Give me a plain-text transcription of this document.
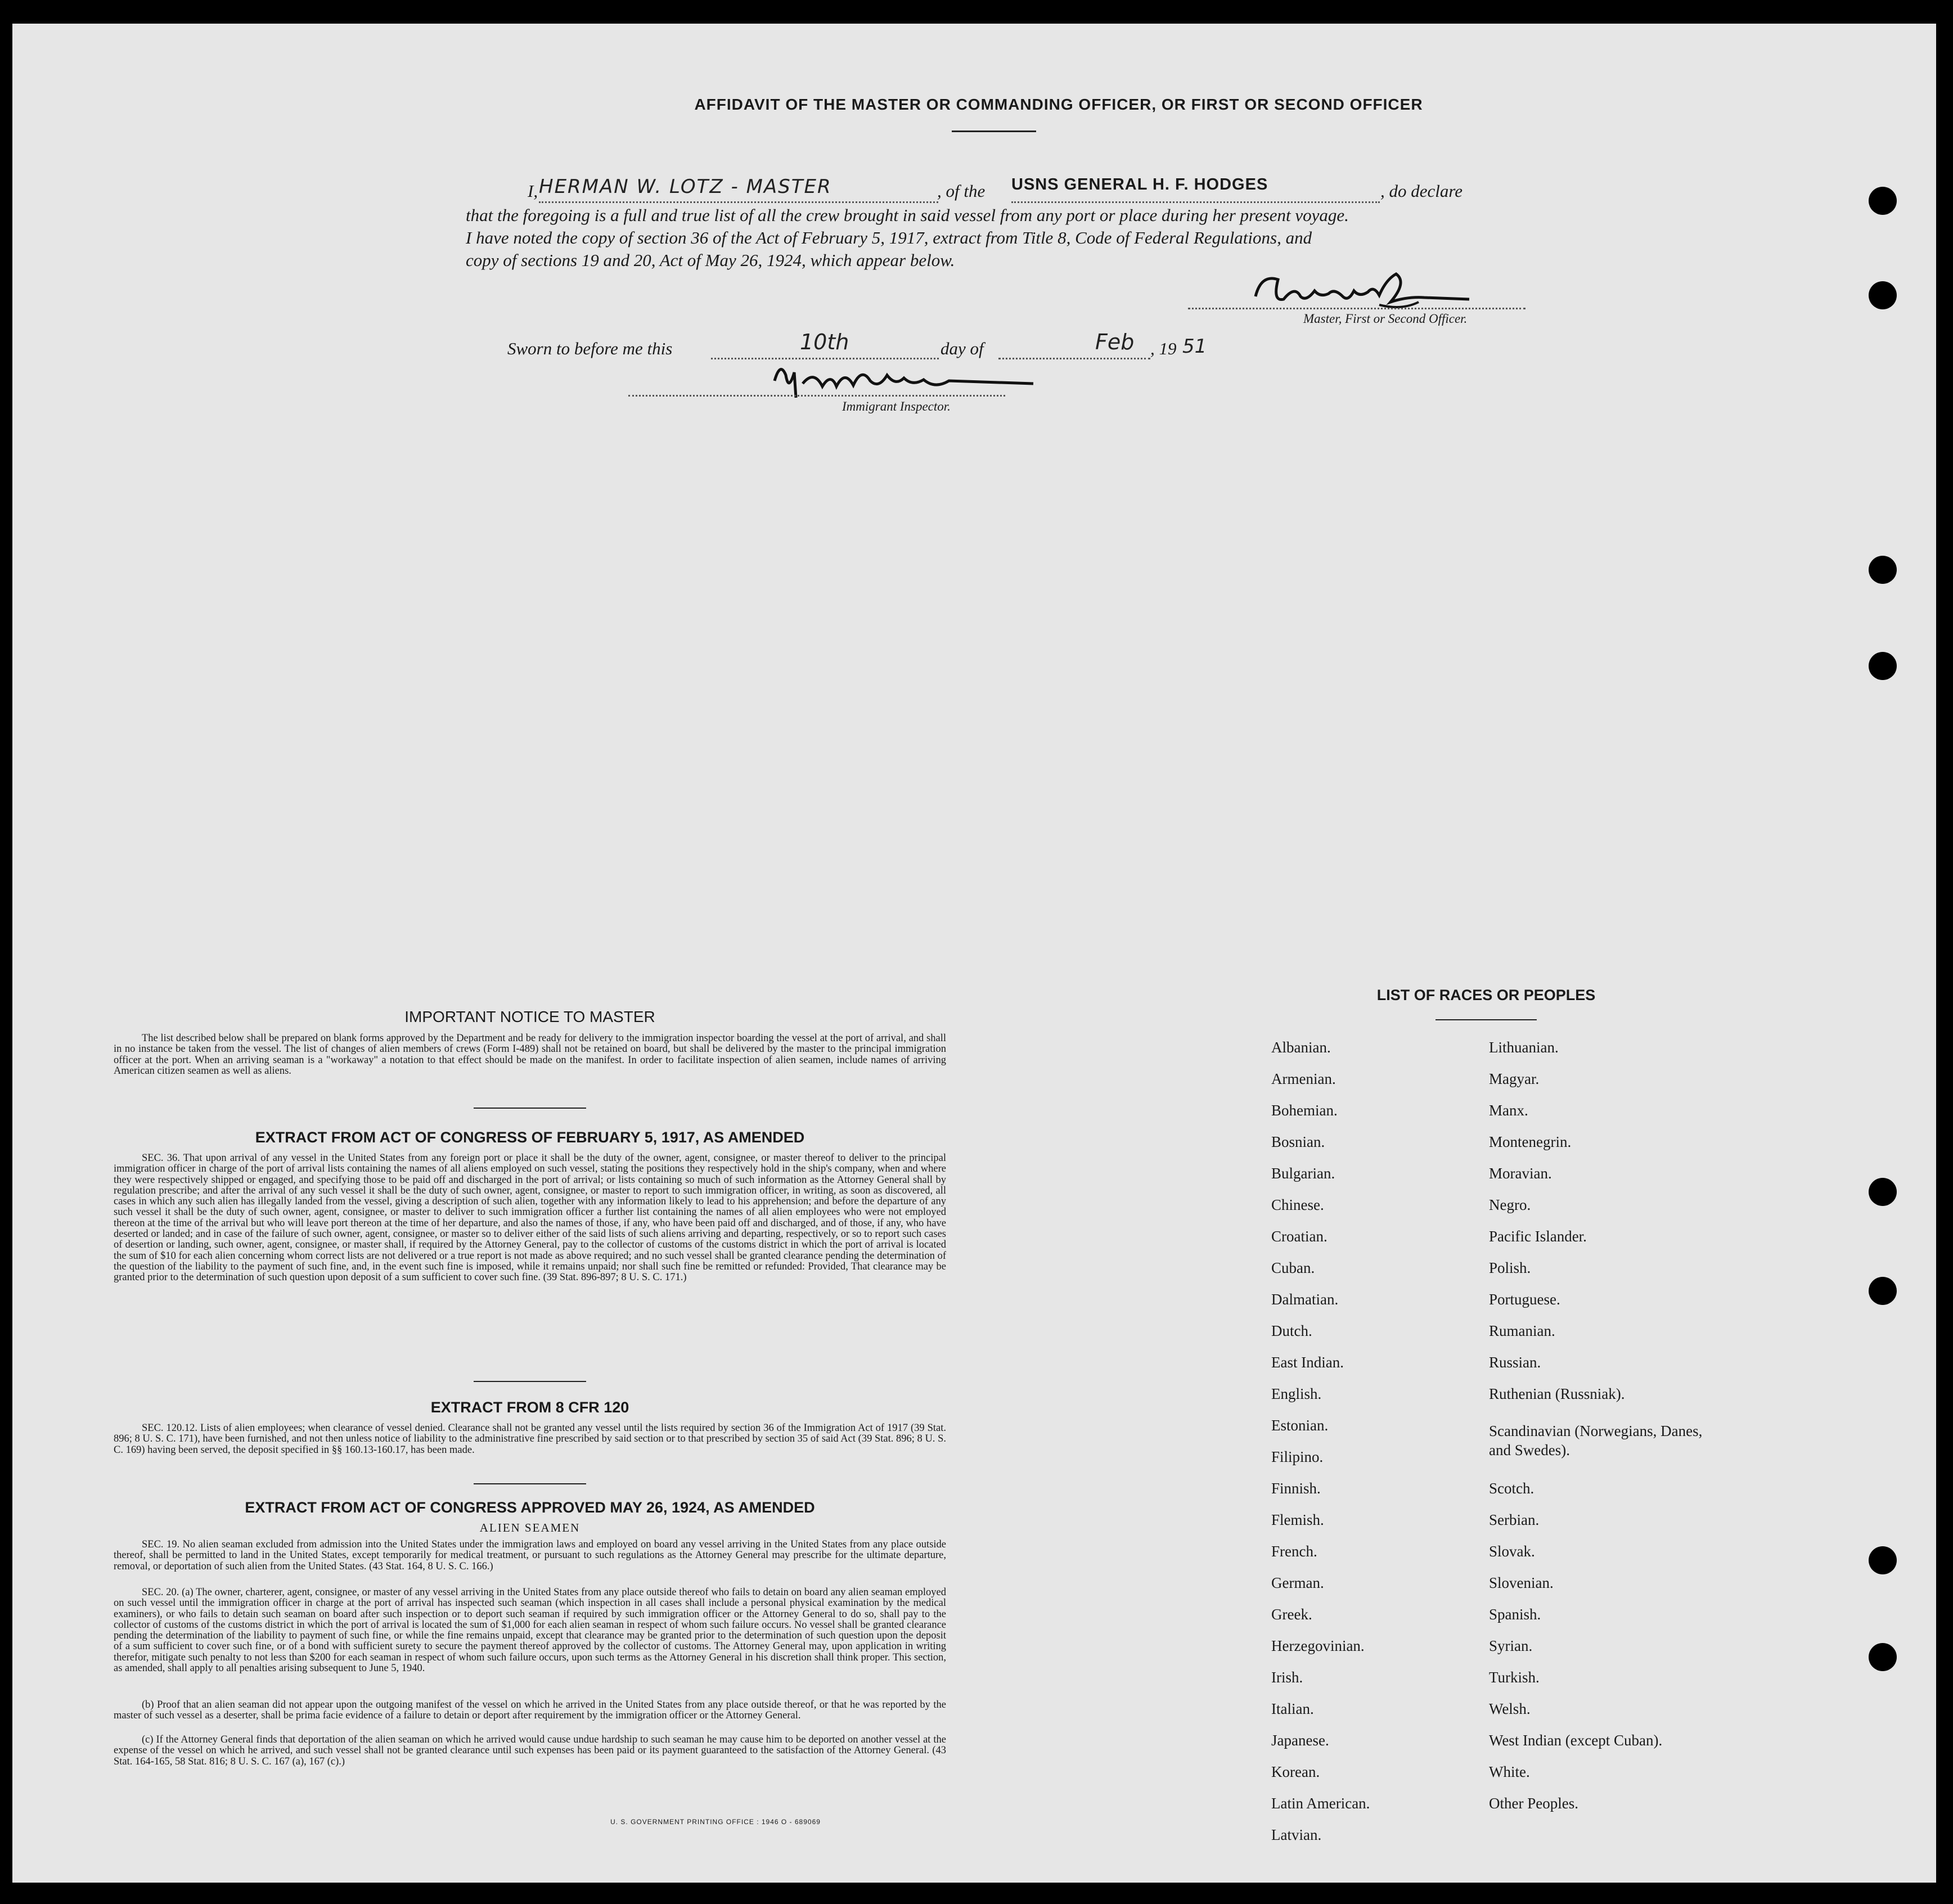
AFFIDAVIT OF THE MASTER OR COMMANDING OFFICER, OR FIRST OR SECOND OFFICER
I, HERMAN W. LOTZ - MASTER	, of the USNS GENERAL H. F. HODGES	, do declare
that the foregoing is a full and true list of all the crew brought in said vessel from any port or place during her present voyage.
I have noted the copy of section 36 of the Act of February 5, 1917, extract from Title 8, Code of Federal Regulations, and
copy of sections 19 and 20, Act of May 26, 1924, which appear below.
Master, First or Second Officer.
Sworn to before me this	10th	day of	Feb , 19 51
Immigrant Inspector.
IMPORTANT NOTICE TO MASTER
The list described below shall be prepared on blank forms approved by the Department and be ready for delivery to the immigration inspector boarding the vessel at the port of arrival, and shall in no instance be taken from the vessel. The list of changes of alien members of crews (Form I-489) shall not be retained on board, but shall be delivered by the master to the principal immigration officer at the port. When an arriving seaman is a "workaway" a notation to that effect should be made on the manifest. In order to facilitate inspection of alien seamen, include names of arriving American citizen seamen as well as aliens.
EXTRACT FROM ACT OF CONGRESS OF FEBRUARY 5, 1917, AS AMENDED
SEC. 36. That upon arrival of any vessel in the United States from any foreign port or place it shall be the duty of the owner, agent, consignee, or master thereof to deliver to the principal immigration officer in charge of the port of arrival lists containing the names of all aliens employed on such vessel, stating the positions they respectively hold in the ship's company, when and where they were respectively shipped or engaged, and specifying those to be paid off and discharged in the port of arrival; or lists containing so much of such information as the Attorney General shall by regulation prescribe; and after the arrival of any such vessel it shall be the duty of such owner, agent, consignee, or master to report to such immigration officer, in writing, as soon as discovered, all cases in which any such alien has illegally landed from the vessel, giving a description of such alien, together with any information likely to lead to his apprehension; and before the departure of any such vessel it shall be the duty of such owner, agent, consignee, or master to deliver to such immigration officer a further list containing the names of all alien employees who were not employed thereon at the time of the arrival but who will leave port thereon at the time of her departure, and also the names of those, if any, who have been paid off and discharged, and of those, if any, who have deserted or landed; and in case of the failure of such owner, agent, consignee, or master so to deliver either of the said lists of such aliens arriving and departing, respectively, or so to report such cases of desertion or landing, such owner, agent, consignee, or master shall, if required by the Attorney General, pay to the collector of customs of the customs district in which the port of arrival is located the sum of $10 for each alien concerning whom correct lists are not delivered or a true report is not made as above required; and no such vessel shall be granted clearance pending the determination of the question of the liability to the payment of such fine, and, in the event such fine is imposed, while it remains unpaid; nor shall such fine be remitted or refunded: Provided, That clearance may be granted prior to the determination of such question upon deposit of a sum sufficient to cover such fine. (39 Stat. 896-897; 8 U. S. C. 171.)
EXTRACT FROM 8 CFR 120
SEC. 120.12. Lists of alien employees; when clearance of vessel denied. Clearance shall not be granted any vessel until the lists required by section 36 of the Immigration Act of 1917 (39 Stat. 896; 8 U. S. C. 171), have been furnished, and not then unless notice of liability to the administrative fine prescribed by said section or to that prescribed by section 35 of said Act (39 Stat. 896; 8 U. S. C. 169) having been served, the deposit specified in §§ 160.13-160.17, has been made.
EXTRACT FROM ACT OF CONGRESS APPROVED MAY 26, 1924, AS AMENDED
ALIEN SEAMEN
SEC. 19. No alien seaman excluded from admission into the United States under the immigration laws and employed on board any vessel arriving in the United States from any place outside thereof, shall be permitted to land in the United States, except temporarily for medical treatment, or pursuant to such regulations as the Attorney General may prescribe for the ultimate departure, removal, or deportation of such alien from the United States. (43 Stat. 164, 8 U. S. C. 166.)
SEC. 20. (a) The owner, charterer, agent, consignee, or master of any vessel arriving in the United States from any place outside thereof who fails to detain on board any alien seaman employed on such vessel until the immigration officer in charge at the port of arrival has inspected such seaman (which inspection in all cases shall include a personal physical examination by the medical examiners), or who fails to detain such seaman on board after such inspection or to deport such seaman if required by such immigration officer or the Attorney General to do so, shall pay to the collector of customs of the customs district in which the port of arrival is located the sum of $1,000 for each alien seaman in respect of whom such failure occurs. No vessel shall be granted clearance pending the determination of the liability to payment of such fine, or while the fine remains unpaid, except that clearance may be granted prior to the determination of such question upon the deposit of a sum sufficient to cover such fine, or of a bond with sufficient surety to secure the payment thereof approved by the collector of customs. The Attorney General may, upon application in writing therefor, mitigate such penalty to not less than $200 for each seaman in respect of whom such failure occurs, upon such terms as the Attorney General in his discretion shall think proper. This section, as amended, shall apply to all penalties arising subsequent to June 5, 1940.
(b) Proof that an alien seaman did not appear upon the outgoing manifest of the vessel on which he arrived in the United States from any place outside thereof, or that he was reported by the master of such vessel as a deserter, shall be prima facie evidence of a failure to detain or deport after requirement by the immigration officer or the Attorney General.
(c) If the Attorney General finds that deportation of the alien seaman on which he arrived would cause undue hardship to such seaman he may cause him to be deported on another vessel at the expense of the vessel on which he arrived, and such vessel shall not be granted clearance until such expenses has been paid or its payment guaranteed to the satisfaction of the Attorney General. (43 Stat. 164-165, 58 Stat. 816; 8 U. S. C. 167 (a), 167 (c).)
U. S. GOVERNMENT PRINTING OFFICE : 1946 O - 689069
LIST OF RACES OR PEOPLES
Albanian.
Armenian.
Bohemian.
Bosnian.
Bulgarian.
Chinese.
Croatian.
Cuban.
Dalmatian.
Dutch.
East Indian.
English.
Estonian.
Filipino.
Finnish.
Flemish.
French.
German.
Greek.
Herzegovinian.
Irish.
Italian.
Japanese.
Korean.
Latin American.
Latvian.
Lithuanian.
Magyar.
Manx.
Montenegrin.
Moravian.
Negro.
Pacific Islander.
Polish.
Portuguese.
Rumanian.
Russian.
Ruthenian (Russniak).
Scandinavian (Norwegians, Danes, and Swedes).
Scotch.
Serbian.
Slovak.
Slovenian.
Spanish.
Syrian.
Turkish.
Welsh.
West Indian (except Cuban).
White.
Other Peoples.
